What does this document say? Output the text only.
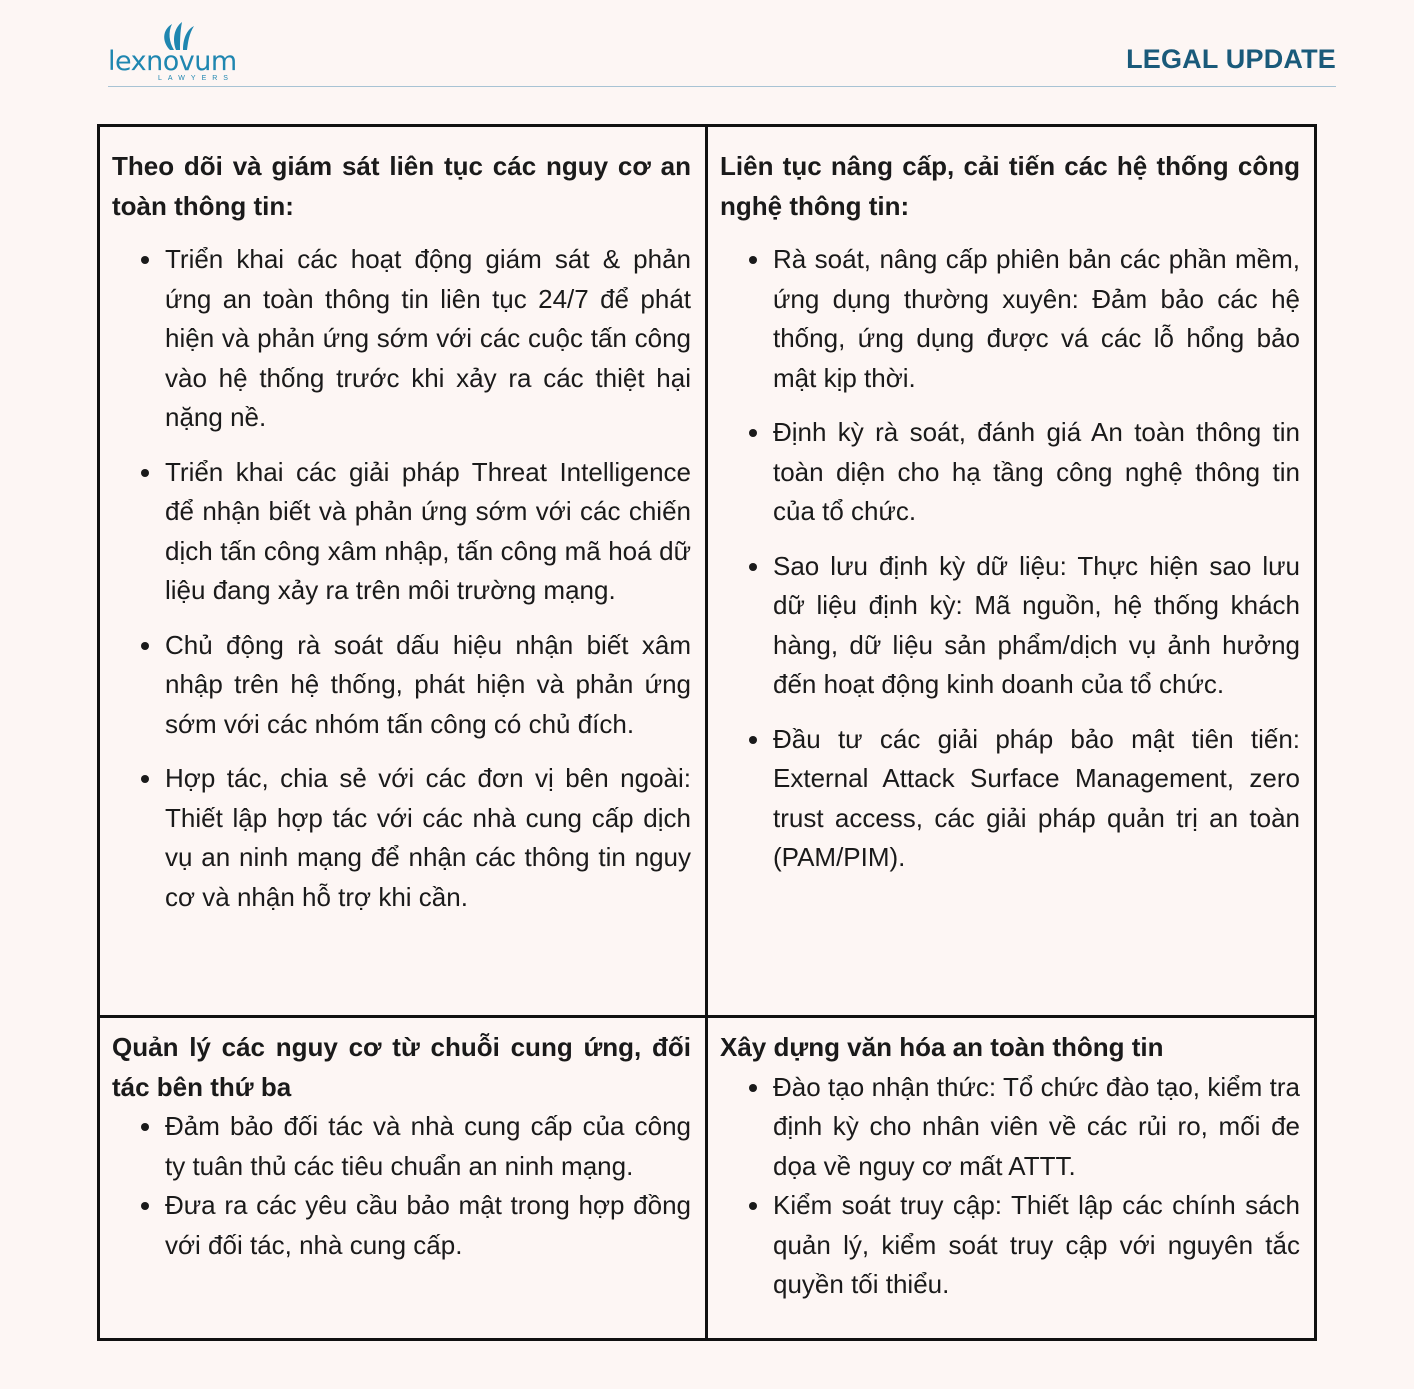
lexnovum
LAWYERS
LEGAL UPDATE

Theo dõi và giám sát liên tục các nguy cơ an toàn thông tin:

Triển khai các hoạt động giám sát & phản ứng an toàn thông tin liên tục 24/7 để phát hiện và phản ứng sớm với các cuộc tấn công vào hệ thống trước khi xảy ra các thiệt hại nặng nề.
Triển khai các giải pháp Threat Intelligence để nhận biết và phản ứng sớm với các chiến dịch tấn công xâm nhập, tấn công mã hoá dữ liệu đang xảy ra trên môi trường mạng.
Chủ động rà soát dấu hiệu nhận biết xâm nhập trên hệ thống, phát hiện và phản ứng sớm với các nhóm tấn công có chủ đích.
Hợp tác, chia sẻ với các đơn vị bên ngoài: Thiết lập hợp tác với các nhà cung cấp dịch vụ an ninh mạng để nhận các thông tin nguy cơ và nhận hỗ trợ khi cần.

Liên tục nâng cấp, cải tiến các hệ thống công nghệ thông tin:

Rà soát, nâng cấp phiên bản các phần mềm, ứng dụng thường xuyên: Đảm bảo các hệ thống, ứng dụng được vá các lỗ hổng bảo mật kịp thời.
Định kỳ rà soát, đánh giá An toàn thông tin toàn diện cho hạ tầng công nghệ thông tin của tổ chức.
Sao lưu định kỳ dữ liệu: Thực hiện sao lưu dữ liệu định kỳ: Mã nguồn, hệ thống khách hàng, dữ liệu sản phẩm/dịch vụ ảnh hưởng đến hoạt động kinh doanh của tổ chức.
Đầu tư các giải pháp bảo mật tiên tiến: External Attack Surface Management, zero trust access, các giải pháp quản trị an toàn (PAM/PIM).

Quản lý các nguy cơ từ chuỗi cung ứng, đối tác bên thứ ba

Đảm bảo đối tác và nhà cung cấp của công ty tuân thủ các tiêu chuẩn an ninh mạng.
Đưa ra các yêu cầu bảo mật trong hợp đồng với đối tác, nhà cung cấp.

Xây dựng văn hóa an toàn thông tin

Đào tạo nhận thức: Tổ chức đào tạo, kiểm tra định kỳ cho nhân viên về các rủi ro, mối đe dọa về nguy cơ mất ATTT.
Kiểm soát truy cập: Thiết lập các chính sách quản lý, kiểm soát truy cập với nguyên tắc quyền tối thiểu.
